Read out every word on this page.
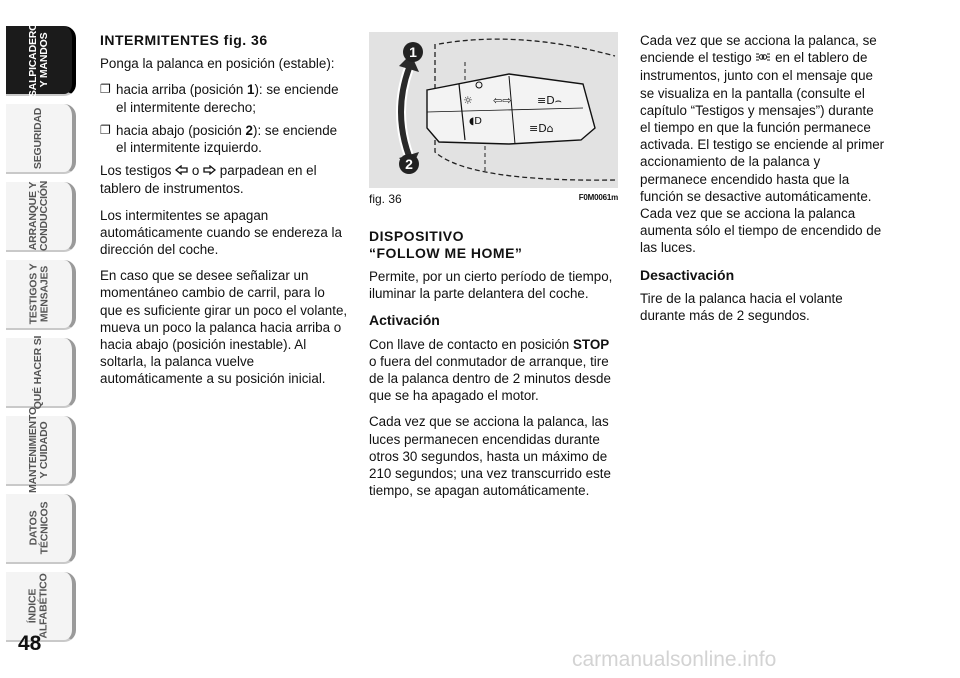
SALPICADERO
Y MANDOS
SEGURIDAD
ARRANQUE Y
CONDUCCIÓN
TESTIGOS Y
MENSAJES
QUÉ HACER SI
MANTENIMIENTO
Y CUIDADO
DATOS
TÉCNICOS
ÍNDICE
ALFABÉTICO
48

INTERMITENTES fig. 36

Ponga la palanca en posición (estable):

❐ hacia arriba (posición 1): se enciende el intermitente derecho;

❐ hacia abajo (posición 2): se enciende el intermitente izquierdo.

Los testigos  o  parpadean en el tablero de instrumentos.

Los intermitentes se apagan automáticamente cuando se endereza la dirección del coche.

En caso que se desee señalizar un momentáneo cambio de carril, para lo que es suficiente girar un poco el volante, mueva un poco la palanca hacia arriba o hacia abajo (posición inestable). Al soltarla, la palanca vuelve automáticamente a su posición inicial.

☼
◖D
⇦⇨ ≡D⌢
≡D⌂
1
2
fig. 36	F0M0061m

DISPOSITIVO
“FOLLOW ME HOME”

Permite, por un cierto período de tiempo, iluminar la parte delantera del coche.

Activación

Con llave de contacto en posición STOP o fuera del conmutador de arranque, tire de la palanca dentro de 2 minutos desde que se ha apagado el motor.

Cada vez que se acciona la palanca, las luces permanecen encendidas durante otros 30 segundos, hasta un máximo de 210 segundos; una vez transcurrido este tiempo, se apagan automáticamente.

Cada vez que se acciona la palanca, se enciende el testigo  en el tablero de instrumentos, junto con el mensaje que se visualiza en la pantalla (consulte el capítulo “Testigos y mensajes”) durante el tiempo en que la función permanece activada. El testigo se enciende al primer accionamiento de la palanca y permanece encendido hasta que la función se desactive automáticamente. Cada vez que se acciona la palanca aumenta sólo el tiempo de encendido de las luces.

Desactivación

Tire de la palanca hacia el volante durante más de 2 segundos.

carmanualsonline.info
